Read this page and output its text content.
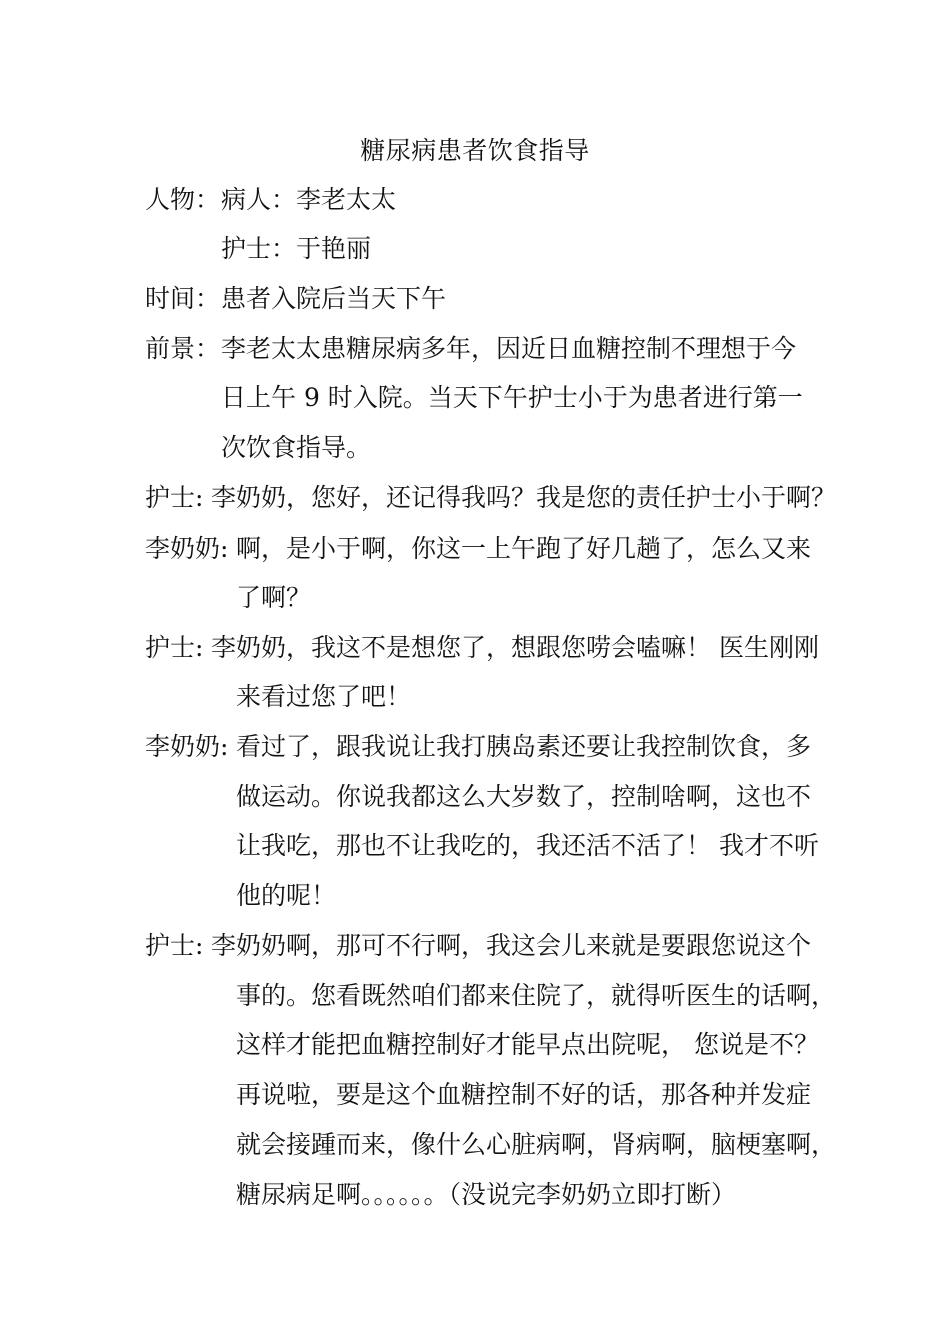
糖尿病患者饮食指导
人物： 病人：李老太太
护士：于艳丽
时间： 患者入院后当天下午
前景： 李老太太患糖尿病多年，因近日血糖控制不理想于今
日上午 9 时入院。当天下午护士小于为患者进行第一
次饮食指导。
护士: 李奶奶，您好，还记得我吗？我是您的责任护士小于啊？
李奶奶: 啊，是小于啊，你这一上午跑了好几趟了，怎么又来
了啊？
护士: 李奶奶，我这不是想您了，想跟您唠会嗑嘛！ 医生刚刚
来看过您了吧！
李奶奶: 看过了，跟我说让我打胰岛素还要让我控制饮食，多
做运动。你说我都这么大岁数了，控制啥啊，这也不
让我吃，那也不让我吃的，我还活不活了！ 我才不听
他的呢！
护士: 李奶奶啊，那可不行啊，我这会儿来就是要跟您说这个
事的。您看既然咱们都来住院了，就得听医生的话啊，
这样才能把血糖控制好才能早点出院呢， 您说是不？
再说啦，要是这个血糖控制不好的话，那各种并发症
就会接踵而来，像什么心脏病啊，肾病啊，脑梗塞啊，
糖尿病足啊。。。。。。（没说完李奶奶立即打断）
